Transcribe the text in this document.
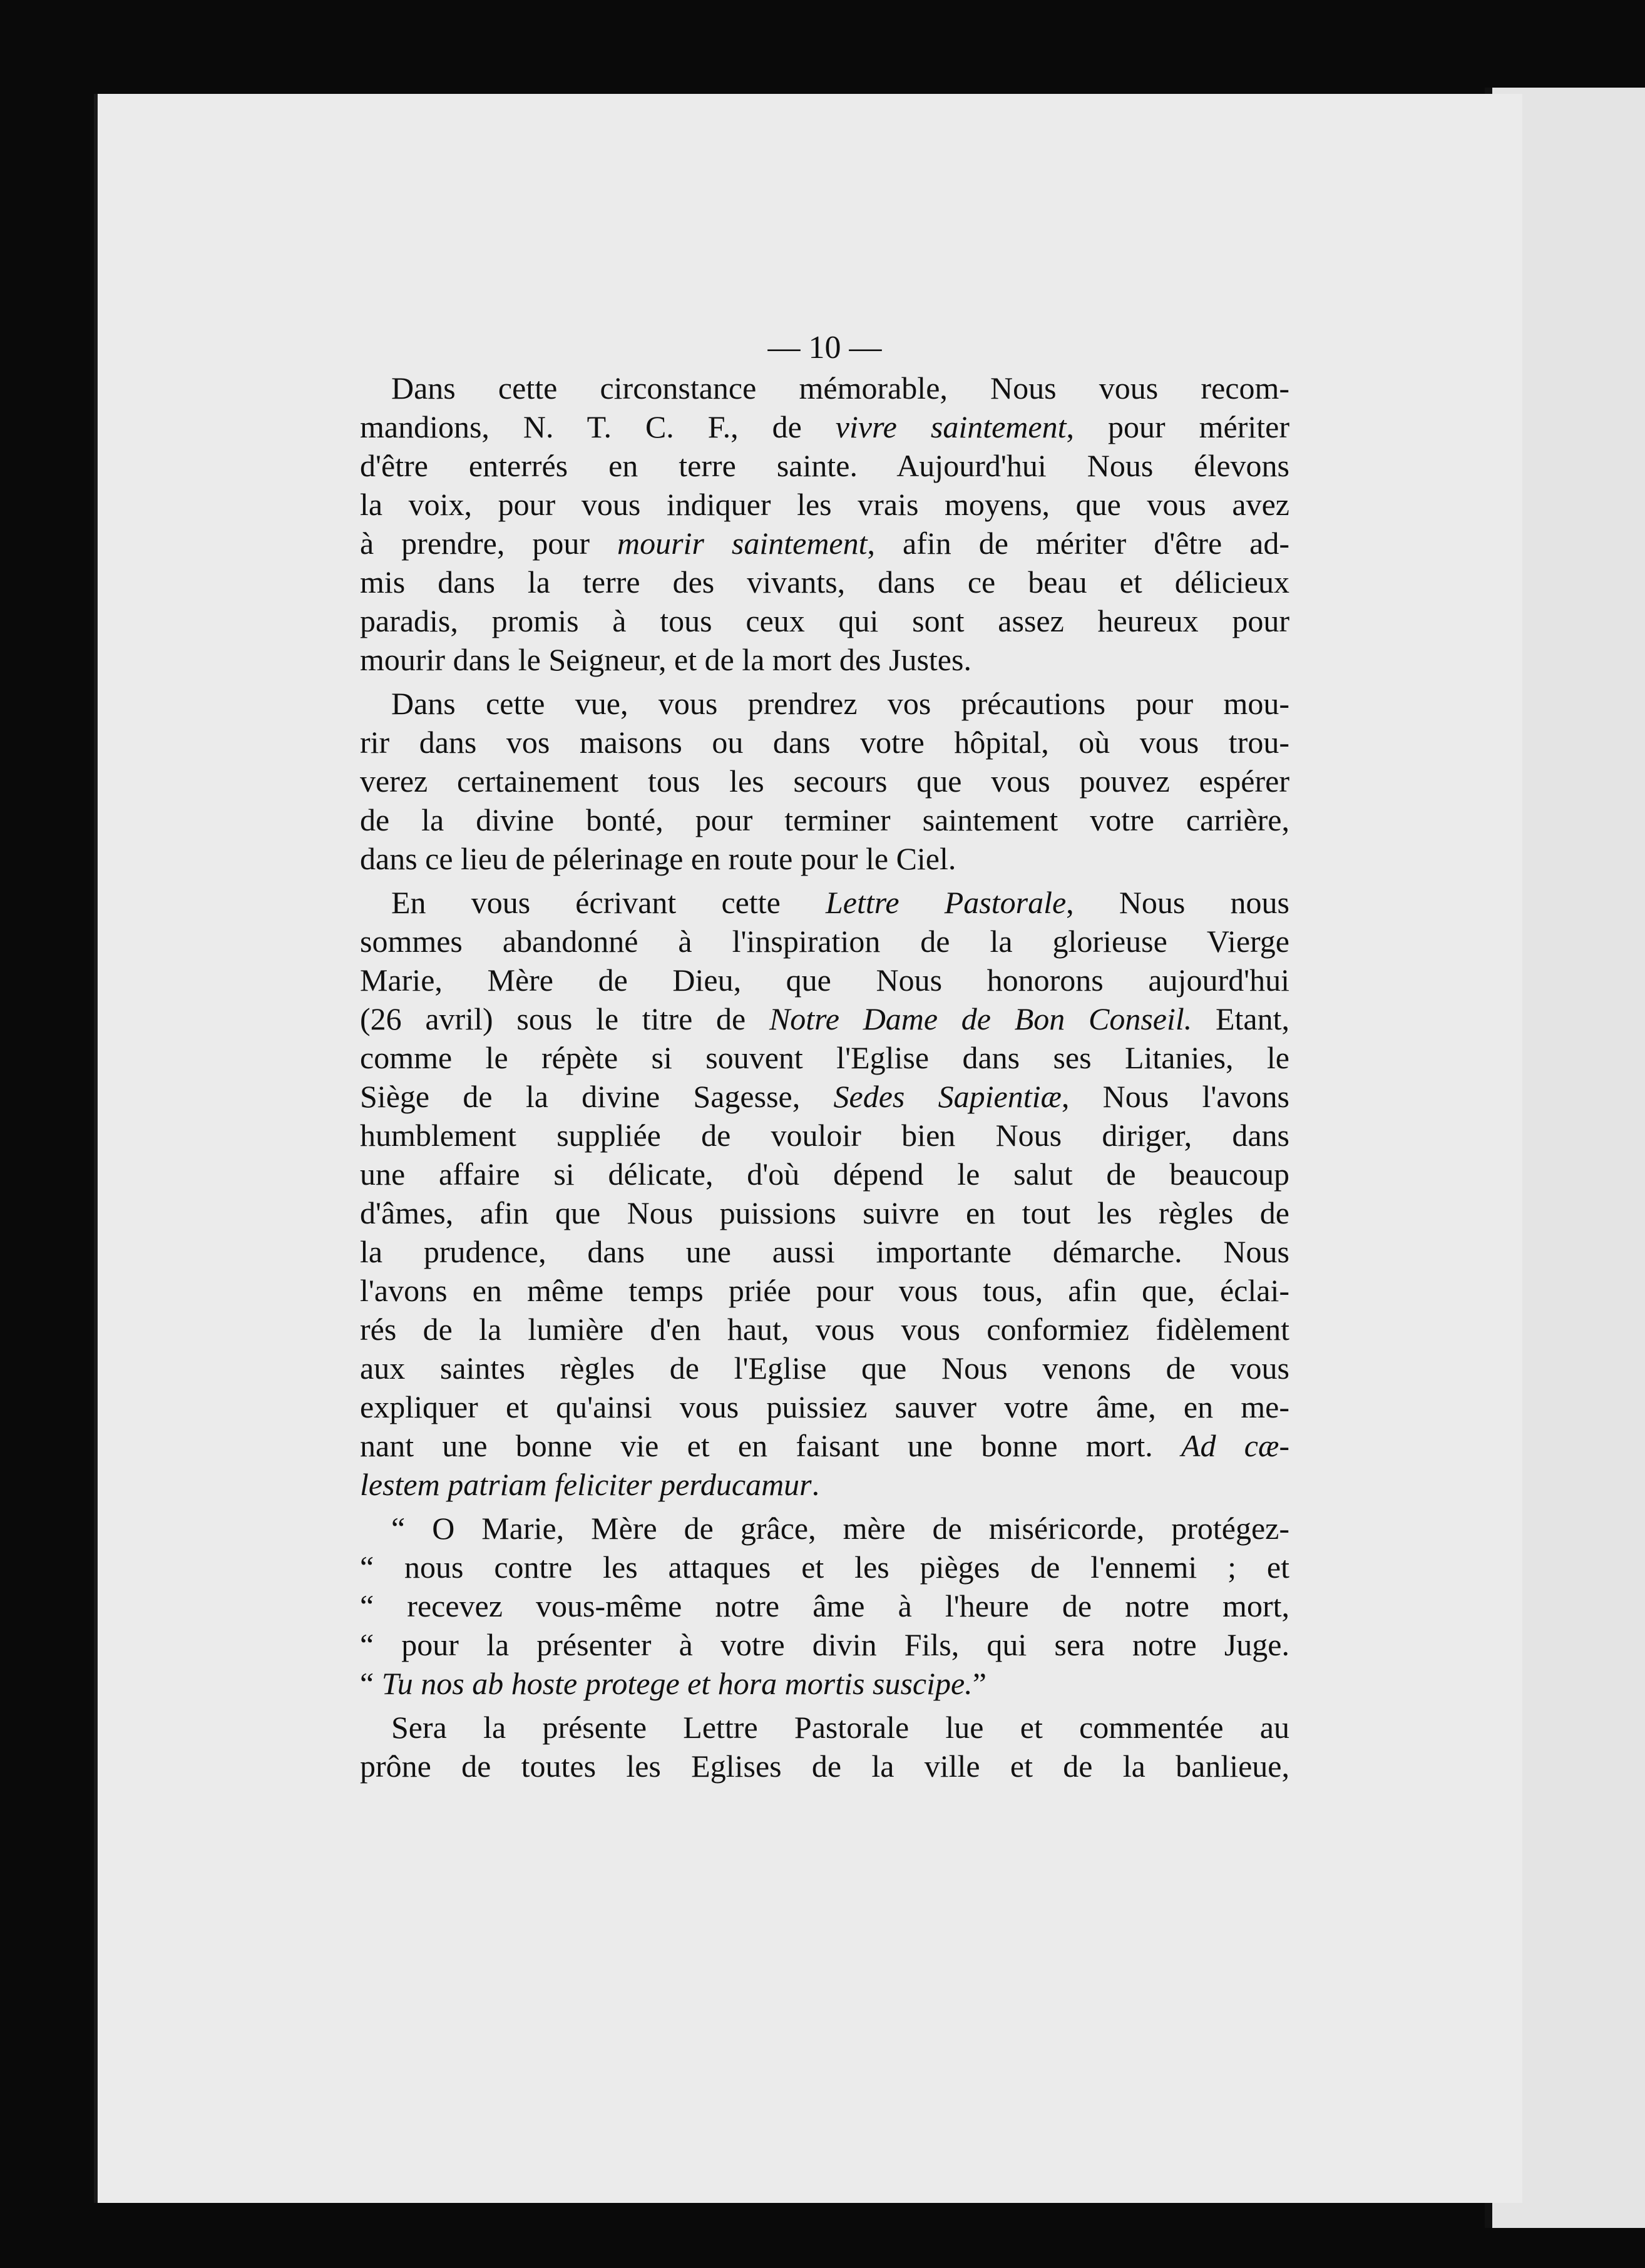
— 10 —
Dans cette circonstance mémorable, Nous vous recom-
mandions, N. T. C. F., de vivre saintement, pour mériter
d'être enterrés en terre sainte. Aujourd'hui Nous élevons
la voix, pour vous indiquer les vrais moyens, que vous avez
à prendre, pour mourir saintement, afin de mériter d'être ad-
mis dans la terre des vivants, dans ce beau et délicieux
paradis, promis à tous ceux qui sont assez heureux pour
mourir dans le Seigneur, et de la mort des Justes.
Dans cette vue, vous prendrez vos précautions pour mou-
rir dans vos maisons ou dans votre hôpital, où vous trou-
verez certainement tous les secours que vous pouvez espérer
de la divine bonté, pour terminer saintement votre carrière,
dans ce lieu de pélerinage en route pour le Ciel.
En vous écrivant cette Lettre Pastorale, Nous nous
sommes abandonné à l'inspiration de la glorieuse Vierge
Marie, Mère de Dieu, que Nous honorons aujourd'hui
(26 avril) sous le titre de Notre Dame de Bon Conseil. Etant,
comme le répète si souvent l'Eglise dans ses Litanies, le
Siège de la divine Sagesse, Sedes Sapientiæ, Nous l'avons
humblement suppliée de vouloir bien Nous diriger, dans
une affaire si délicate, d'où dépend le salut de beaucoup
d'âmes, afin que Nous puissions suivre en tout les règles de
la prudence, dans une aussi importante démarche. Nous
l'avons en même temps priée pour vous tous, afin que, éclai-
rés de la lumière d'en haut, vous vous conformiez fidèlement
aux saintes règles de l'Eglise que Nous venons de vous
expliquer et qu'ainsi vous puissiez sauver votre âme, en me-
nant une bonne vie et en faisant une bonne mort. Ad cæ-
lestem patriam feliciter perducamur.
“ O Marie, Mère de grâce, mère de miséricorde, protégez-
“ nous contre les attaques et les pièges de l'ennemi ; et
“ recevez vous-même notre âme à l'heure de notre mort,
“ pour la présenter à votre divin Fils, qui sera notre Juge.
“ Tu nos ab hoste protege et hora mortis suscipe.”
Sera la présente Lettre Pastorale lue et commentée au
prône de toutes les Eglises de la ville et de la banlieue,
